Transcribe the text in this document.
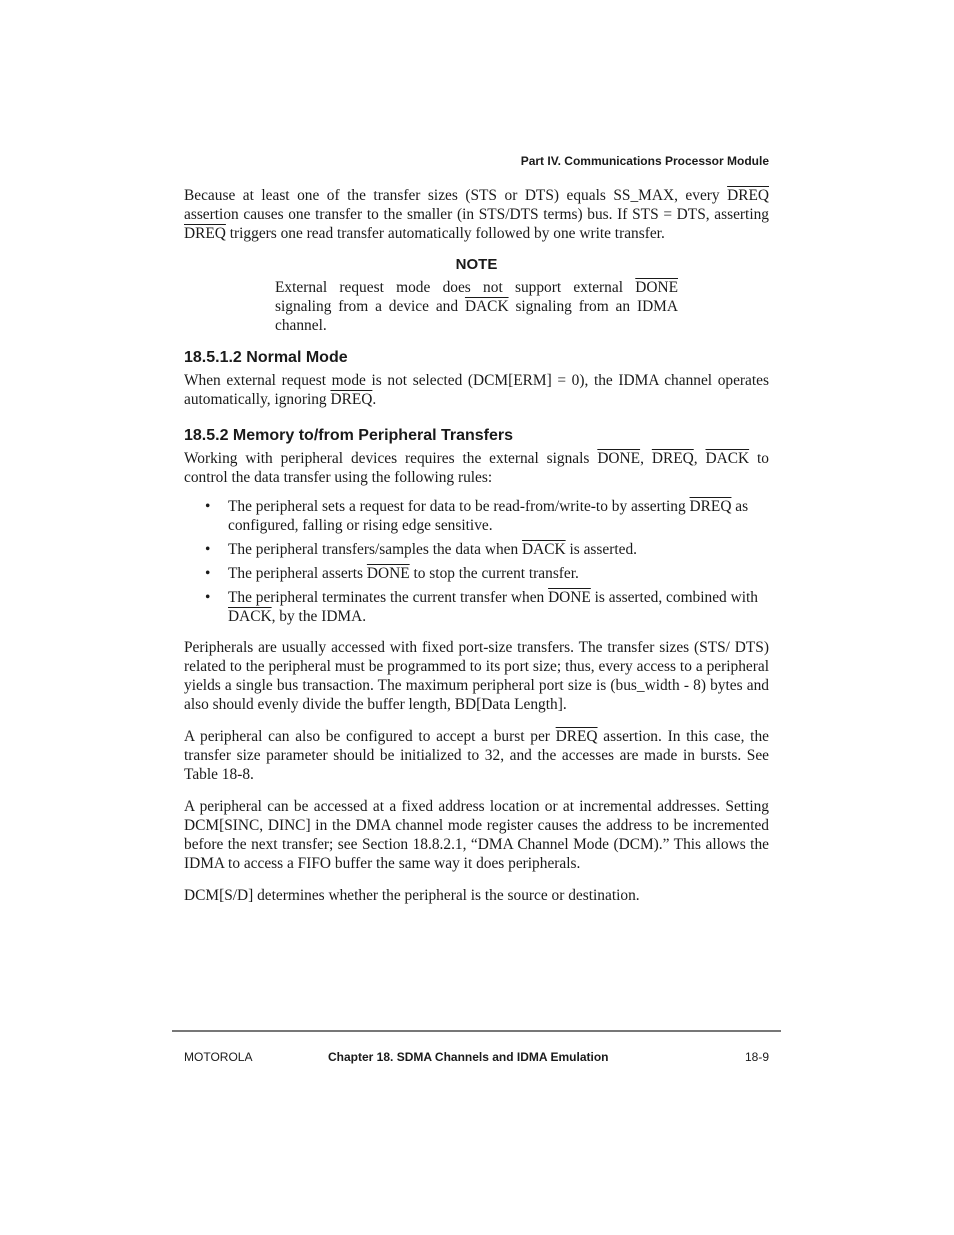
Part IV. Communications Processor Module

Because at least one of the transfer sizes (STS or DTS) equals SS_MAX, every DREQ assertion causes one transfer to the smaller (in STS/DTS terms) bus. If STS = DTS, asserting DREQ triggers one read transfer automatically followed by one write transfer.

NOTE

External request mode does not support external DONE signaling from a device and DACK signaling from an IDMA channel.

18.5.1.2 Normal Mode

When external request mode is not selected (DCM[ERM] = 0), the IDMA channel operates automatically, ignoring DREQ.

18.5.2 Memory to/from Peripheral Transfers

Working with peripheral devices requires the external signals DONE, DREQ, DACK to control the data transfer using the following rules:

• The peripheral sets a request for data to be read-from/write-to by asserting DREQ as configured, falling or rising edge sensitive.
• The peripheral transfers/samples the data when DACK is asserted.
• The peripheral asserts DONE to stop the current transfer.
• The peripheral terminates the current transfer when DONE is asserted, combined with DACK, by the IDMA.

Peripherals are usually accessed with fixed port-size transfers. The transfer sizes (STS/ DTS) related to the peripheral must be programmed to its port size; thus, every access to a peripheral yields a single bus transaction. The maximum peripheral port size is (bus_width - 8) bytes and also should evenly divide the buffer length, BD[Data Length].

A peripheral can also be configured to accept a burst per DREQ assertion. In this case, the transfer size parameter should be initialized to 32, and the accesses are made in bursts. See Table 18-8.

A peripheral can be accessed at a fixed address location or at incremental addresses. Setting DCM[SINC, DINC] in the DMA channel mode register causes the address to be incremented before the next transfer; see Section 18.8.2.1, “DMA Channel Mode (DCM).” This allows the IDMA to access a FIFO buffer the same way it does peripherals.

DCM[S/D] determines whether the peripheral is the source or destination.

MOTOROLA	Chapter 18. SDMA Channels and IDMA Emulation	18-9
